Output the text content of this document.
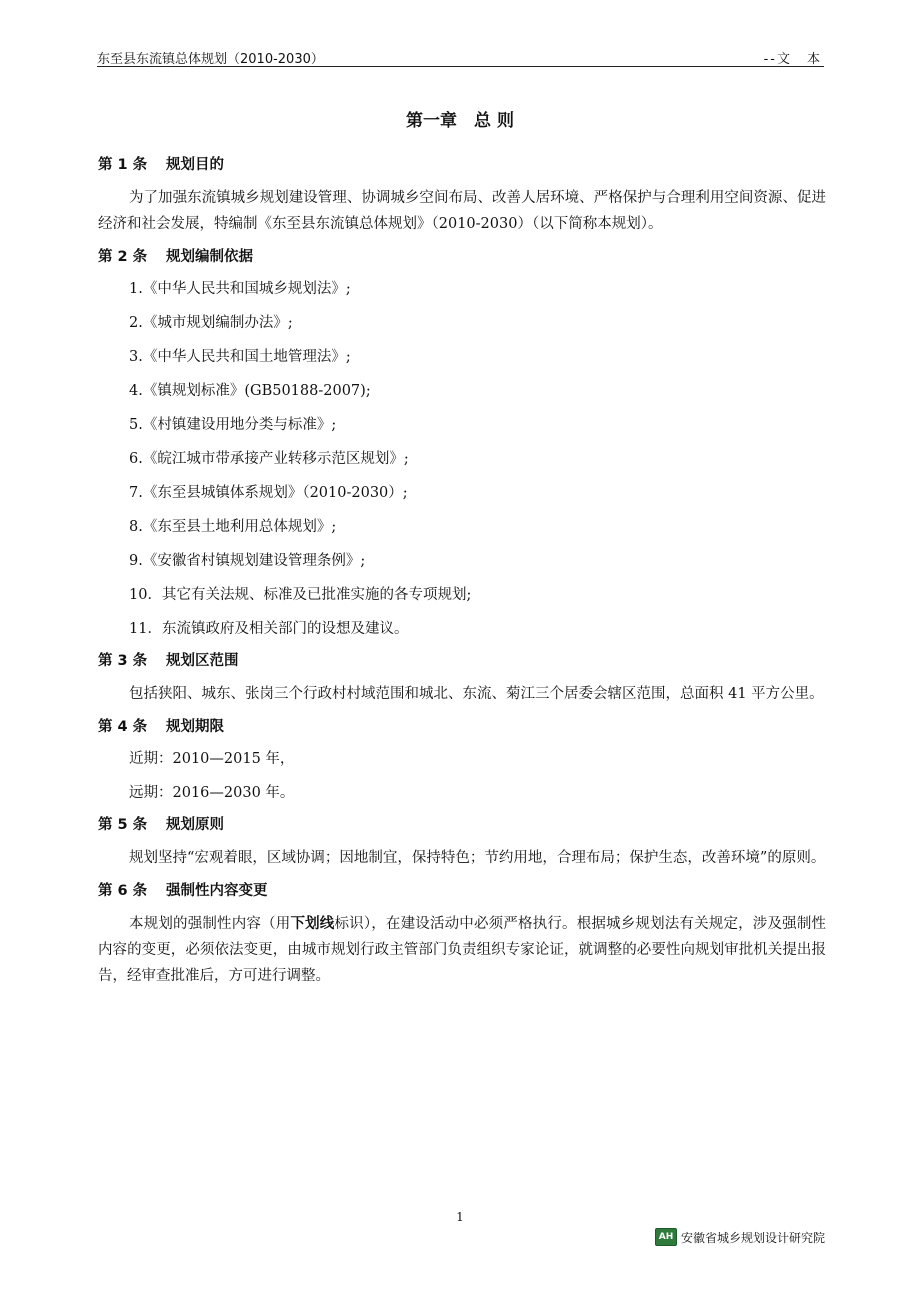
东至县东流镇总体规划（2010-2030）	--文　本
第一章　总 则
第 1 条 规划目的

为了加强东流镇城乡规划建设管理、协调城乡空间布局、改善人居环境、严格保护与合理利用空间资源、促进经济和社会发展，特编制《东至县东流镇总体规划》（2010-2030）（以下简称本规划）。

第 2 条 规划编制依据

1.《中华人民共和国城乡规划法》;

2.《城市规划编制办法》;

3.《中华人民共和国土地管理法》;

4.《镇规划标准》(GB50188-2007);

5.《村镇建设用地分类与标准》;

6.《皖江城市带承接产业转移示范区规划》;

7.《东至县城镇体系规划》（2010-2030）;

8.《东至县土地利用总体规划》;

9.《安徽省村镇规划建设管理条例》;

10．其它有关法规、标准及已批准实施的各专项规划;

11．东流镇政府及相关部门的设想及建议。

第 3 条 规划区范围

包括狭阳、城东、张岗三个行政村村域范围和城北、东流、菊江三个居委会辖区范围，总面积 41 平方公里。

第 4 条 规划期限

近期：2010—2015 年，

远期：2016—2030 年。

第 5 条 规划原则

规划坚持“宏观着眼，区域协调；因地制宜，保持特色；节约用地，合理布局；保护生态，改善环境”的原则。

第 6 条 强制性内容变更

本规划的强制性内容（用下划线标识），在建设活动中必须严格执行。根据城乡规划法有关规定，涉及强制性内容的变更，必须依法变更，由城市规划行政主管部门负责组织专家论证，就调整的必要性向规划审批机关提出报告，经审查批准后，方可进行调整。

1
AH 安徽省城乡规划设计研究院
